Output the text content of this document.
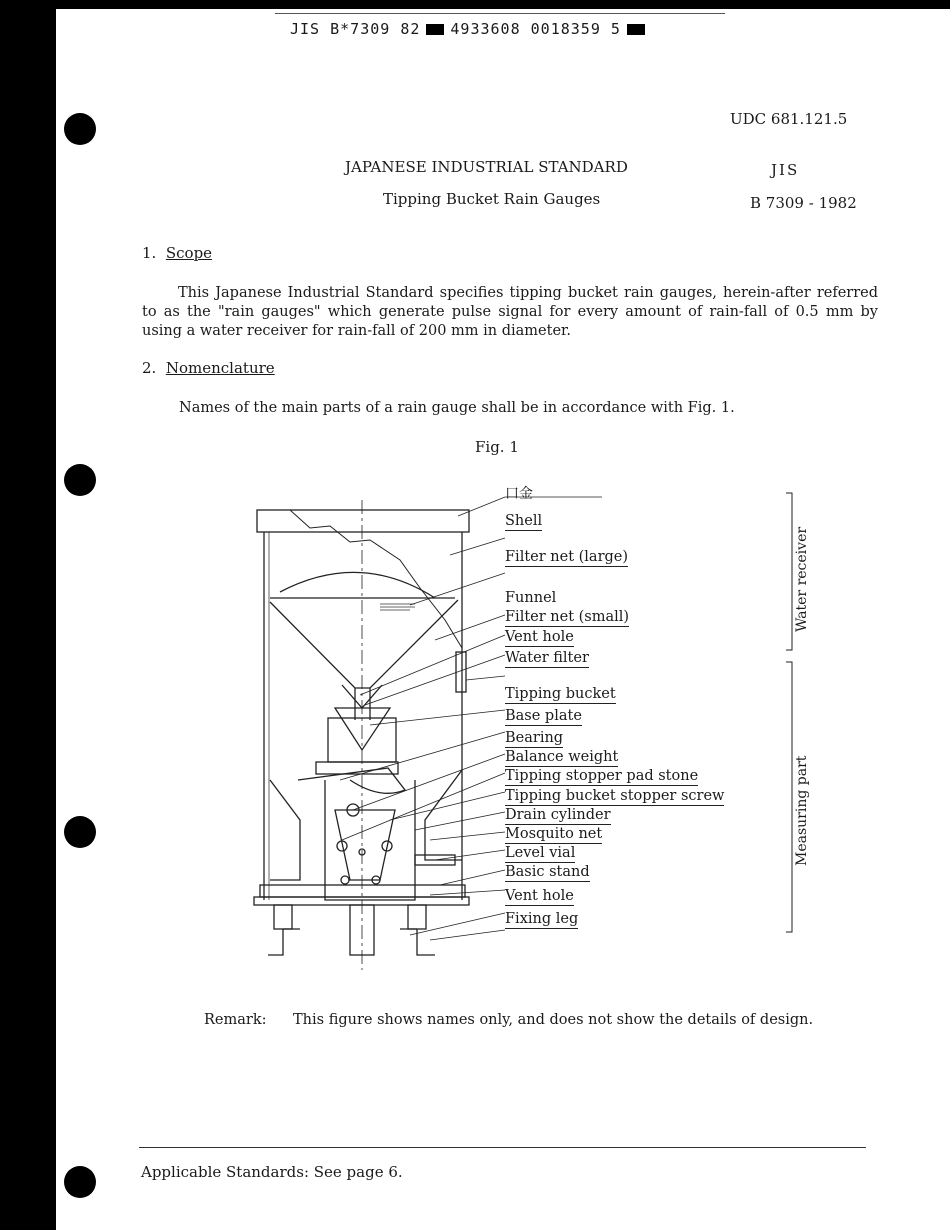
JIS B*7309 82 4933608 0018359 5
UDC 681.121.5
JAPANESE INDUSTRIAL STANDARD	JIS
Tipping Bucket Rain Gauges	B 7309 - 1982
1. Scope
This Japanese Industrial Standard specifies tipping bucket rain gauges, herein-after referred to as the "rain gauges" which generate pulse signal for every amount of rain-fall of 0.5 mm by using a water receiver for rain-fall of 200 mm in diameter.
2. Nomenclature
Names of the main parts of a rain gauge shall be in accordance with Fig. 1.
Fig. 1
口金
Shell
Filter net (large)
Funnel
Filter net (small)
Vent hole
Water filter
Tipping bucket
Base plate
Bearing
Balance weight
Tipping stopper pad stone
Tipping bucket stopper screw
Drain cylinder
Mosquito net
Level vial
Basic stand
Vent hole
Fixing leg
Water receiver
Measuring part
Remark: This figure shows names only, and does not show the details of design.
Applicable Standards: See page 6.
